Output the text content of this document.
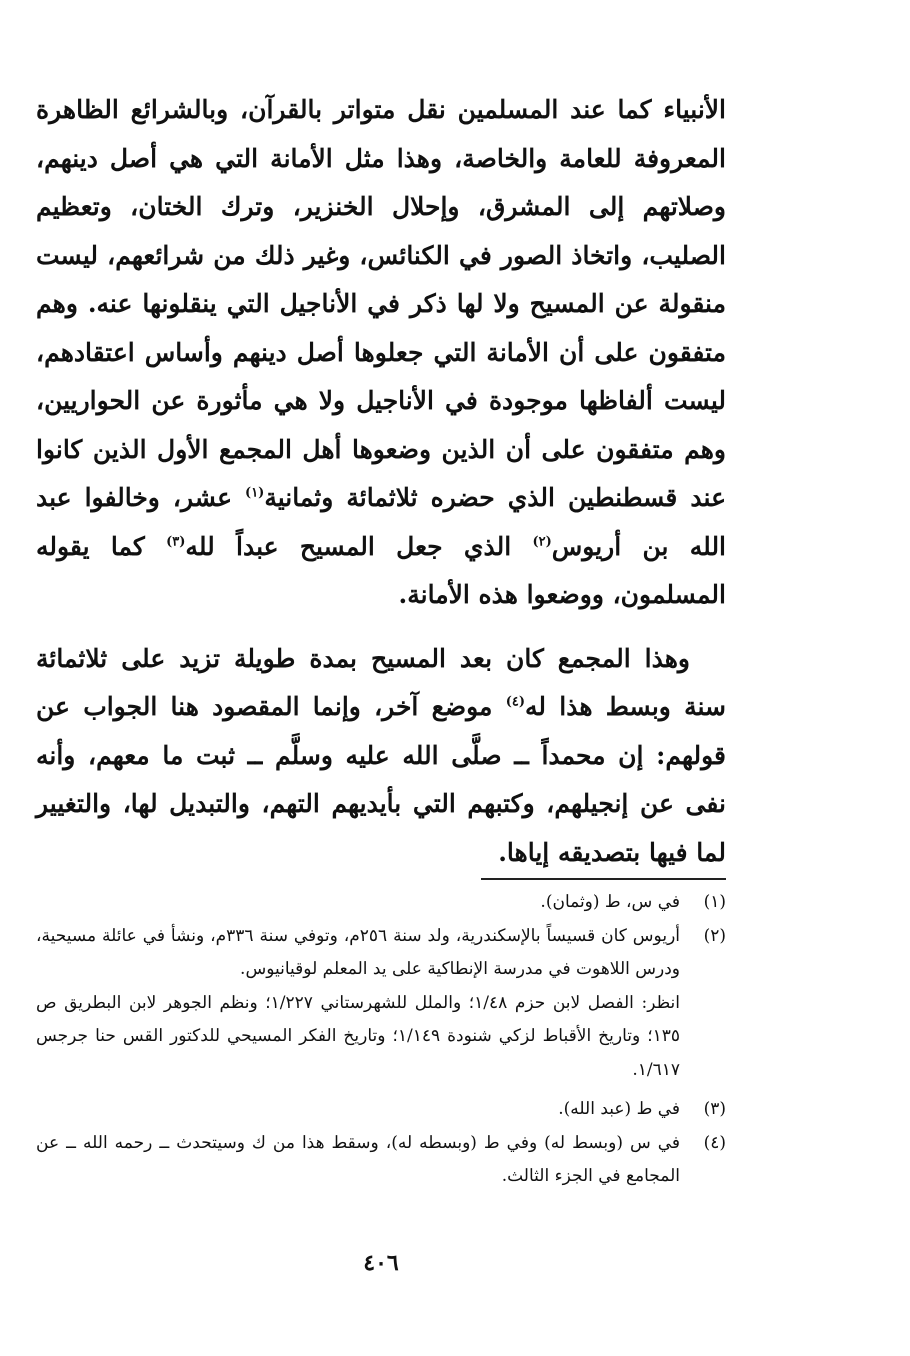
الأنبياء كما عند المسلمين نقل متواتر بالقرآن، وبالشرائع الظاهرة المعروفة للعامة والخاصة، وهذا مثل الأمانة التي هي أصل دينهم، وصلاتهم إلى المشرق، وإحلال الخنزير، وترك الختان، وتعظيم الصليب، واتخاذ الصور في الكنائس، وغير ذلك من شرائعهم، ليست منقولة عن المسيح ولا لها ذكر في الأناجيل التي ينقلونها عنه. وهم متفقون على أن الأمانة التي جعلوها أصل دينهم وأساس اعتقادهم، ليست ألفاظها موجودة في الأناجيل ولا هي مأثورة عن الحواريين، وهم متفقون على أن الذين وضعوها أهل المجمع الأول الذين كانوا عند قسطنطين الذي حضره ثلاثمائة وثمانية$^{(١)}$ عشر، وخالفوا عبد الله بن أريوس$^{(٢)}$ الذي جعل المسيح عبداً لله$^{(٣)}$ كما يقوله المسلمون، ووضعوا هذه الأمانة.

وهذا المجمع كان بعد المسيح بمدة طويلة تزيد على ثلاثمائة سنة وبسط هذا له$^{(٤)}$ موضع آخر، وإنما المقصود هنا الجواب عن قولهم: إن محمداً ــ صلَّى الله عليه وسلَّم ــ ثبت ما معهم، وأنه نفى عن إنجيلهم، وكتبهم التي بأيديهم التهم، والتبديل لها، والتغيير لما فيها بتصديقه إياها.

(١)
في س، ط (وثمان).
(٢)
أريوس كان قسيساً بالإسكندرية، ولد سنة ٢٥٦م، وتوفي سنة ٣٣٦م، ونشأ في عائلة مسيحية، ودرس اللاهوت في مدرسة الإنطاكية على يد المعلم لوقيانيوس.
انظر: الفصل لابن حزم ١/٤٨؛ والملل للشهرستاني ١/٢٢٧؛ ونظم الجوهر لابن البطريق ص ١٣٥؛ وتاريخ الأقباط لزكي شنودة ١/١٤٩؛ وتاريخ الفكر المسيحي للدكتور القس حنا جرجس ١/٦١٧.
(٣)
في ط (عبد الله).
(٤)
في س (وبسط له) وفي ط (وبسطه له)، وسقط هذا من ك وسيتحدث ــ رحمه الله ــ عن المجامع في الجزء الثالث.
٤٠٦
